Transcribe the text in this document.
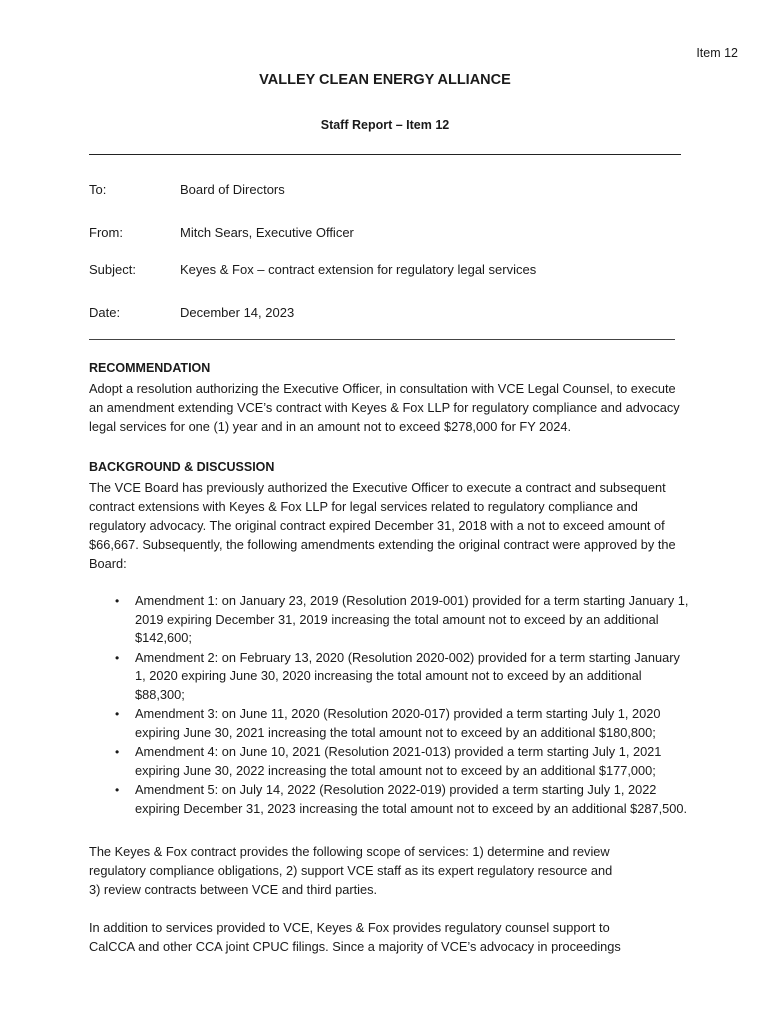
Item 12
VALLEY CLEAN ENERGY ALLIANCE
Staff Report – Item 12
To:	Board of Directors
From:	Mitch Sears, Executive Officer
Subject:	Keyes & Fox – contract extension for regulatory legal services
Date:	December 14, 2023
RECOMMENDATION
Adopt a resolution authorizing the Executive Officer, in consultation with VCE Legal Counsel, to execute
an amendment extending VCE’s contract with Keyes & Fox LLP for regulatory compliance and advocacy
legal services for one (1) year and in an amount not to exceed $278,000 for FY 2024.
BACKGROUND & DISCUSSION
The VCE Board has previously authorized the Executive Officer to execute a contract and subsequent
contract extensions with Keyes & Fox LLP for legal services related to regulatory compliance and
regulatory advocacy. The original contract expired December 31, 2018 with a not to exceed amount of
$66,667. Subsequently, the following amendments extending the original contract were approved by the
Board:
• Amendment 1: on January 23, 2019 (Resolution 2019-001) provided for a term starting January 1,
2019 expiring December 31, 2019 increasing the total amount not to exceed by an additional
$142,600;
• Amendment 2: on February 13, 2020 (Resolution 2020-002) provided for a term starting January
1, 2020 expiring June 30, 2020 increasing the total amount not to exceed by an additional
$88,300;
• Amendment 3: on June 11, 2020 (Resolution 2020-017) provided a term starting July 1, 2020
expiring June 30, 2021 increasing the total amount not to exceed by an additional $180,800;
• Amendment 4: on June 10, 2021 (Resolution 2021-013) provided a term starting July 1, 2021
expiring June 30, 2022 increasing the total amount not to exceed by an additional $177,000;
• Amendment 5: on July 14, 2022 (Resolution 2022-019) provided a term starting July 1, 2022
expiring December 31, 2023 increasing the total amount not to exceed by an additional $287,500.
The Keyes & Fox contract provides the following scope of services: 1) determine and review
regulatory compliance obligations, 2) support VCE staff as its expert regulatory resource and
3) review contracts between VCE and third parties.
In addition to services provided to VCE, Keyes & Fox provides regulatory counsel support to
CalCCA and other CCA joint CPUC filings. Since a majority of VCE’s advocacy in proceedings
